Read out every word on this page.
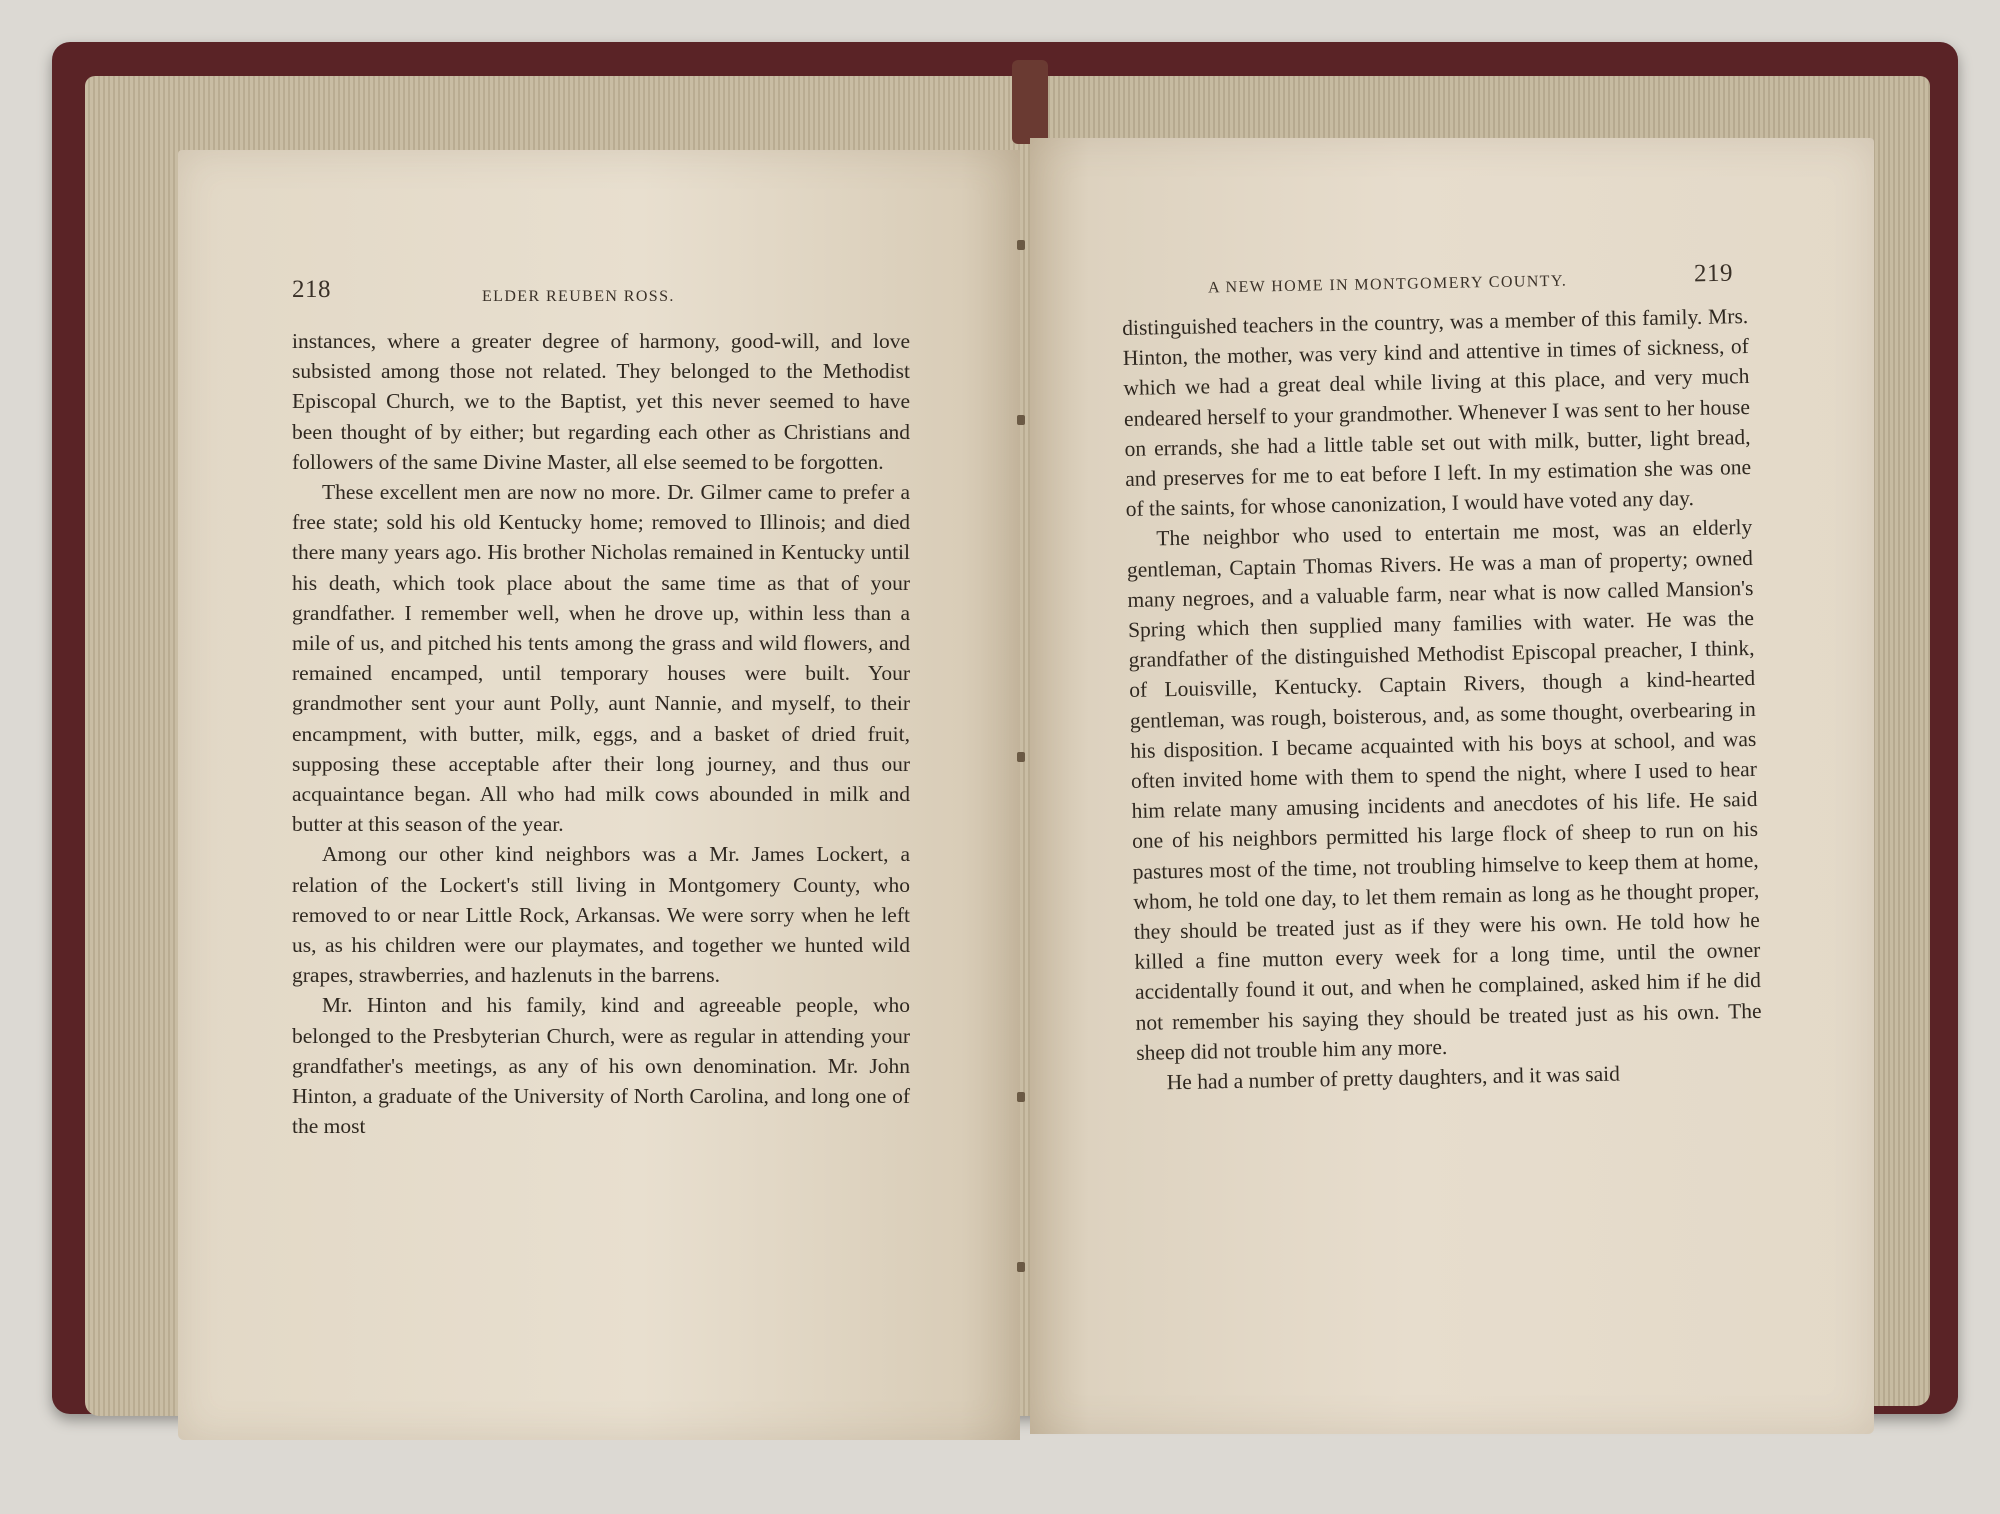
218	ELDER REUBEN ROSS.
A NEW HOME IN MONTGOMERY COUNTY.	219

instances, where a greater degree of harmony, good-will, and love subsisted among those not related. They belonged to the Methodist Episcopal Church, we to the Baptist, yet this never seemed to have been thought of by either; but regarding each other as Christians and followers of the same Divine Master, all else seemed to be forgotten.

These excellent men are now no more. Dr. Gilmer came to prefer a free state; sold his old Kentucky home; removed to Illinois; and died there many years ago. His brother Nicholas remained in Kentucky until his death, which took place about the same time as that of your grandfather. I remember well, when he drove up, within less than a mile of us, and pitched his tents among the grass and wild flowers, and remained encamped, until temporary houses were built. Your grandmother sent your aunt Polly, aunt Nannie, and myself, to their encampment, with butter, milk, eggs, and a basket of dried fruit, supposing these acceptable after their long journey, and thus our acquaintance began. All who had milk cows abounded in milk and butter at this season of the year.

Among our other kind neighbors was a Mr. James Lockert, a relation of the Lockert's still living in Montgomery County, who removed to or near Little Rock, Arkansas. We were sorry when he left us, as his children were our playmates, and together we hunted wild grapes, strawberries, and hazlenuts in the barrens.

Mr. Hinton and his family, kind and agreeable people, who belonged to the Presbyterian Church, were as regular in attending your grandfather's meetings, as any of his own denomination. Mr. John Hinton, a graduate of the University of North Carolina, and long one of the most

distinguished teachers in the country, was a member of this family. Mrs. Hinton, the mother, was very kind and attentive in times of sickness, of which we had a great deal while living at this place, and very much endeared herself to your grandmother. Whenever I was sent to her house on errands, she had a little table set out with milk, butter, light bread, and preserves for me to eat before I left. In my estimation she was one of the saints, for whose canonization, I would have voted any day.

The neighbor who used to entertain me most, was an elderly gentleman, Captain Thomas Rivers. He was a man of property; owned many negroes, and a valuable farm, near what is now called Mansion's Spring which then supplied many families with water. He was the grandfather of the distinguished Methodist Episcopal preacher, I think, of Louisville, Kentucky. Captain Rivers, though a kind-hearted gentleman, was rough, boisterous, and, as some thought, overbearing in his disposition. I became acquainted with his boys at school, and was often invited home with them to spend the night, where I used to hear him relate many amusing incidents and anecdotes of his life. He said one of his neighbors permitted his large flock of sheep to run on his pastures most of the time, not troubling himselve to keep them at home, whom, he told one day, to let them remain as long as he thought proper, they should be treated just as if they were his own. He told how he killed a fine mutton every week for a long time, until the owner accidentally found it out, and when he complained, asked him if he did not remember his saying they should be treated just as his own. The sheep did not trouble him any more.

He had a number of pretty daughters, and it was said
